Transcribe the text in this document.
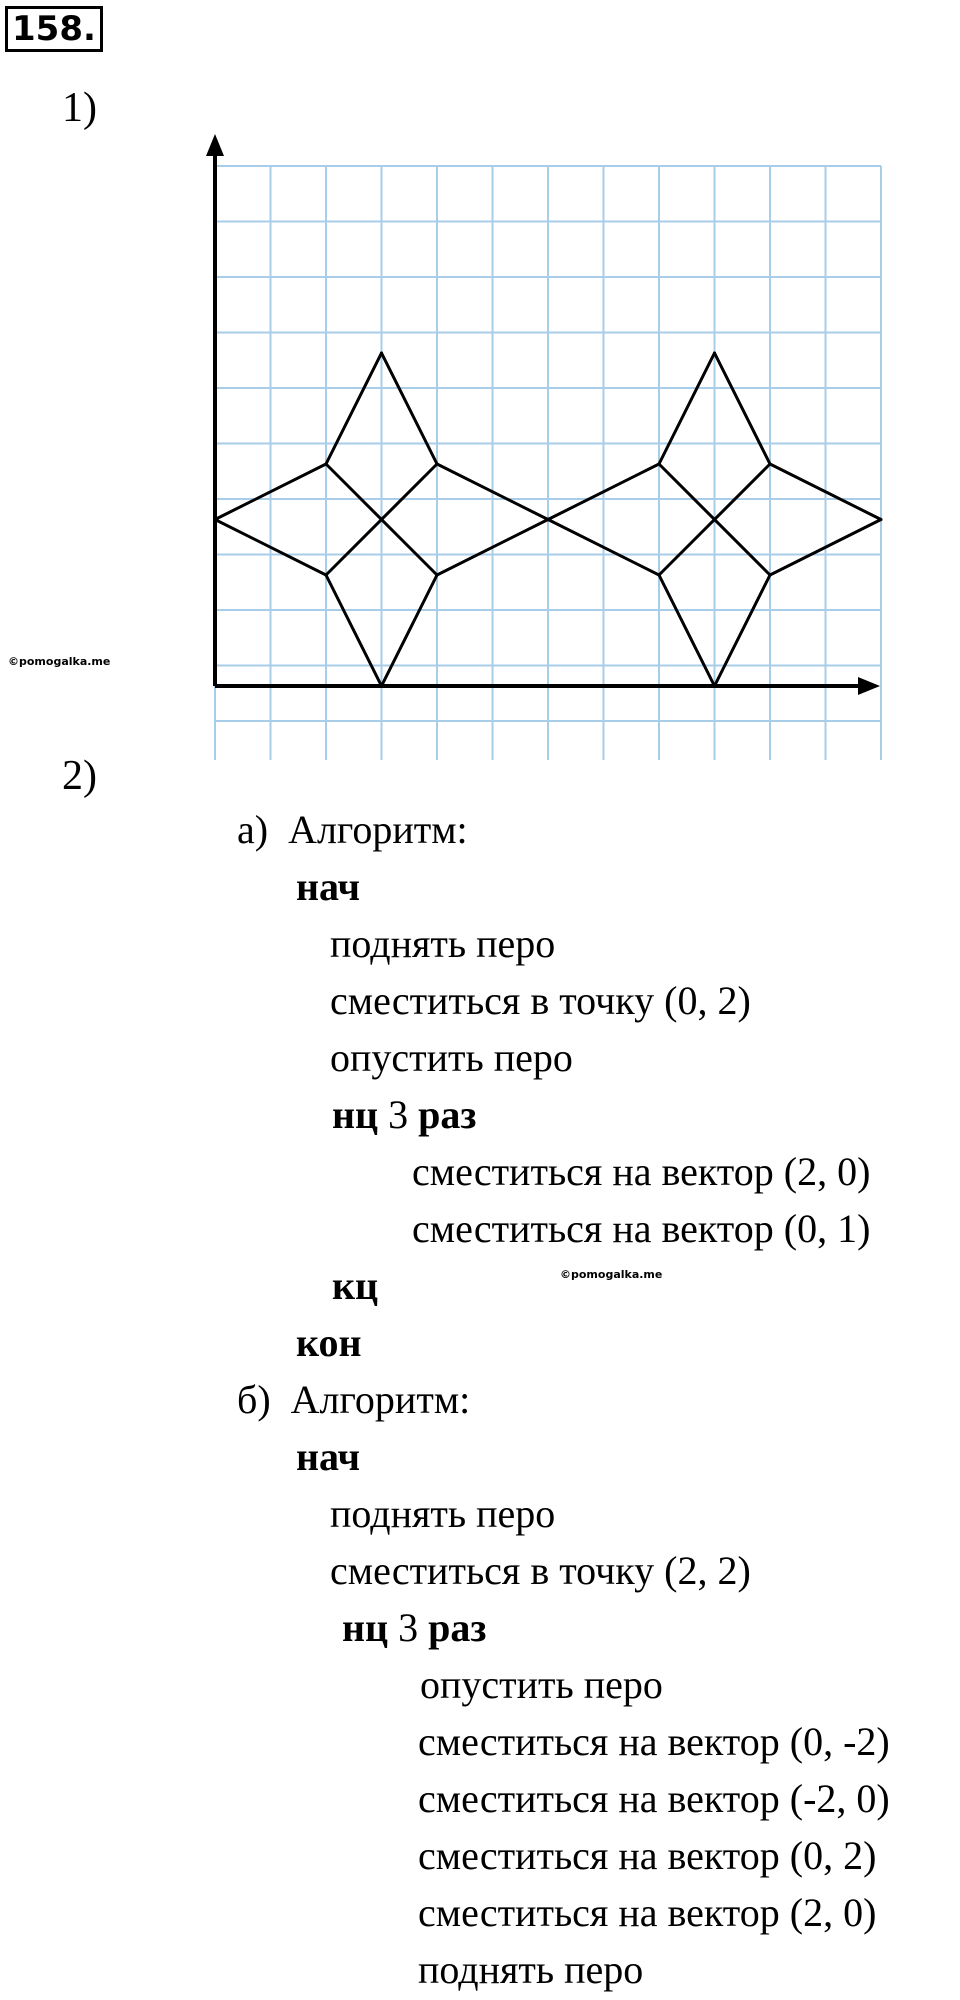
158.
1)
©pomogalka.me
2)
а) Алгоритм:
нач
поднять перо
сместиться в точку (0, 2)
опустить перо
нц 3 раз
сместиться на вектор (2, 0)
сместиться на вектор (0, 1)
кц	©pomogalka.me
кон
б) Алгоритм:
нач
поднять перо
сместиться в точку (2, 2)
нц 3 раз
опустить перо
сместиться на вектор (0, -2)
сместиться на вектор (-2, 0)
сместиться на вектор (0, 2)
сместиться на вектор (2, 0)
поднять перо
